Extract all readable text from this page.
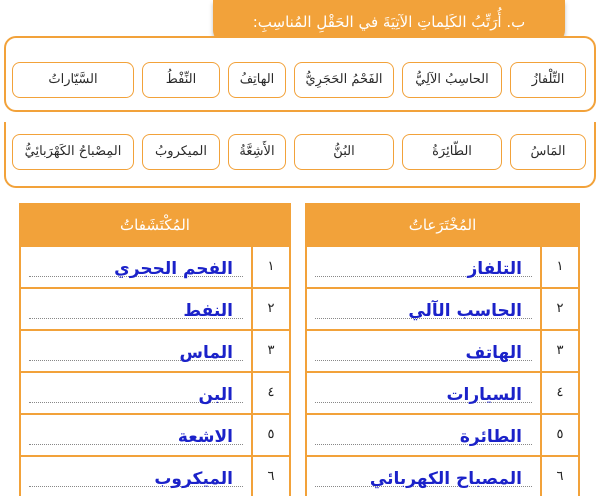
ب. أُرَتِّبُ الكَلِماتِ الآتِيَةَ في الحَقْلِ المُناسِبِ:
التِّلْفازُ
الحاسِبُ الآلِيُّ
الفَحْمُ الحَجَرِيُّ
الهاتِفُ
النِّفْطُ
السَّيّاراتُ
المَاسُ
الطّائِرَةُ
البُنُّ
الأَشِعَّةُ
الميكروبُ
المِصْباحُ الكَهْرَبائِيُّ
المُخْتَرَعاتُ
١
التلفاز
٢
الحاسب الآلي
٣
الهاتف
٤
السيارات
٥
الطائرة
٦
المصباح الكهربائي
المُكْتَشَفاتُ
١
الفحم الحجري
٢
النفط
٣
الماس
٤
البن
٥
الاشعة
٦
الميكروب
